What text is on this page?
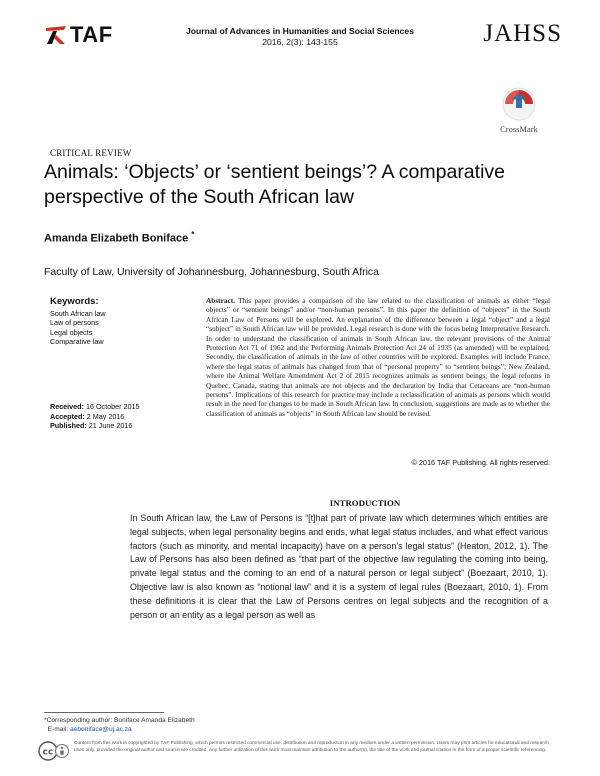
TAF	Journal of Advances in Humanities and Social Sciences
2016, 2(3): 143-155	JAHSS
CrossMark
CRITICAL REVIEW
Animals: ‘Objects’ or ‘sentient beings’? A comparative perspective of the South African law
Amanda Elizabeth Boniface *
Faculty of Law, University of Johannesburg, Johannesburg, South Africa
Keywords:
South African law
Law of persons
Legal objects
Comparative law
Received: 16 October 2015
Accepted: 2 May 2016
Published: 21 June 2016
Abstract. This paper provides a comparison of the law related to the classification of animals as either “legal objects” or “sentient beings” and/or “non-human persons”. In this paper the definition of “objects” in the South African Law of Persons will be explored. An explanation of the difference between a legal “object” and a legal “subject” in South African law will be provided. Legal research is done with the focus being Interpretative Research. In order to understand the classification of animals in South African law, the relevant provisions of the Animal Protection Act 71 of 1962 and the Performing Animals Protection Act 24 of 1935 (as amended) will be explained. Secondly, the classification of animals in the law of other countries will be explored. Examples will include France, where the legal status of animals has changed from that of “personal property” to “sentient beings”; New Zealand, where the Animal Welfare Amendment Act 2 of 2015 recognizes animals as sentient beings; the legal reforms in Quebec, Canada, stating that animals are not objects and the declaration by India that Cetaceans are “non-human persons”. Implications of this research for practice may include a reclassification of animals as persons which would result in the need for changes to be made in South African law. In conclusion, suggestions are made as to whether the classification of animals as “objects” in South African law should be revised.
© 2016 TAF Publishing. All rights reserved.
INTRODUCTION
In South African law, the Law of Persons is “[t]hat part of private law which determines which entities are legal subjects, when legal personality begins and ends, what legal status includes, and what effect various factors (such as minority, and mental incapacity) have on a person’s legal status” (Heaton, 2012, 1). The Law of Persons has also been defined as “that part of the objective law regulating the coming into being, private legal status and the coming to an end of a natural person or legal subject” (Boezaart, 2010, 1). Objective law is also known as “notional law” and it is a system of legal rules (Boezaart, 2010, 1). From these definitions it is clear that the Law of Persons centres on legal subjects and the recognition of a person or an entity as a legal person as well as
*Corresponding author: Boniface Amanda Elizabeth
E-mail: aeboniface@uj.ac.za
cc
Content from this work is copyrighted by TAF Publishing, which permits restricted commercial use, distribution and reproduction in any medium under a written permission. Users may print articles for educational and research uses only, provided the original author and source are credited. Any further utilization of this work must maintain attribution to the author(s), the title of the work and journal citation in the form of a proper scientific referencing.
